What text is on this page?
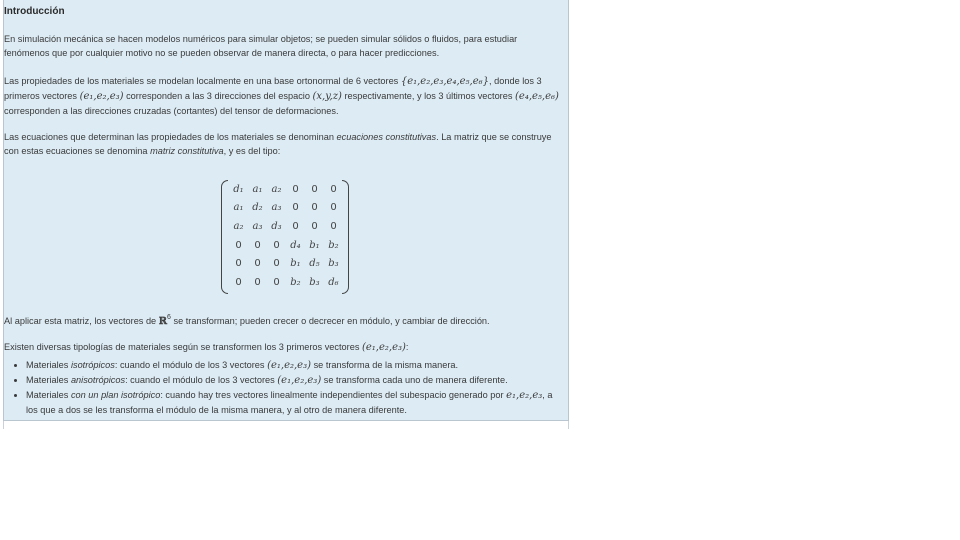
Introducción
En simulación mecánica se hacen modelos numéricos para simular objetos; se pueden simular sólidos o fluidos, para estudiar fenómenos que por cualquier motivo no se pueden observar de manera directa, o para hacer predicciones.
Las propiedades de los materiales se modelan localmente en una base ortonormal de 6 vectores {e₁,e₂,e₃,e₄,e₅,e₆}, donde los 3 primeros vectores (e₁,e₂,e₃) corresponden a las 3 direcciones del espacio (x,y,z) respectivamente, y los 3 últimos vectores (e₄,e₅,e₆) corresponden a las direcciones cruzadas (cortantes) del tensor de deformaciones.
Las ecuaciones que determinan las propiedades de los materiales se denominan ecuaciones constitutivas. La matriz que se construye con estas ecuaciones se denomina matriz constitutiva, y es del tipo:
d₁	a₁	a₂	0	0	0
a₁	d₂	a₃	0	0	0
a₂	a₃	d₃	0	0	0
0	0	0	d₄	b₁	b₂
0	0	0	b₁	d₅	b₃
0	0	0	b₂	b₃	d₆
Al aplicar esta matriz, los vectores de ℝ$^6$ se transforman; pueden crecer o decrecer en módulo, y cambiar de dirección.
Existen diversas tipologías de materiales según se transformen los 3 primeros vectores (e₁,e₂,e₃):
• Materiales isotrópicos: cuando el módulo de los 3 vectores (e₁,e₂,e₃) se transforma de la misma manera.
• Materiales anisotrópicos: cuando el módulo de los 3 vectores (e₁,e₂,e₃) se transforma cada uno de manera diferente.
• Materiales con un plan isotrópico: cuando hay tres vectores linealmente independientes del subespacio generado por e₁,e₂,e₃, a los que a dos se les transforma el módulo de la misma manera, y al otro de manera diferente.
